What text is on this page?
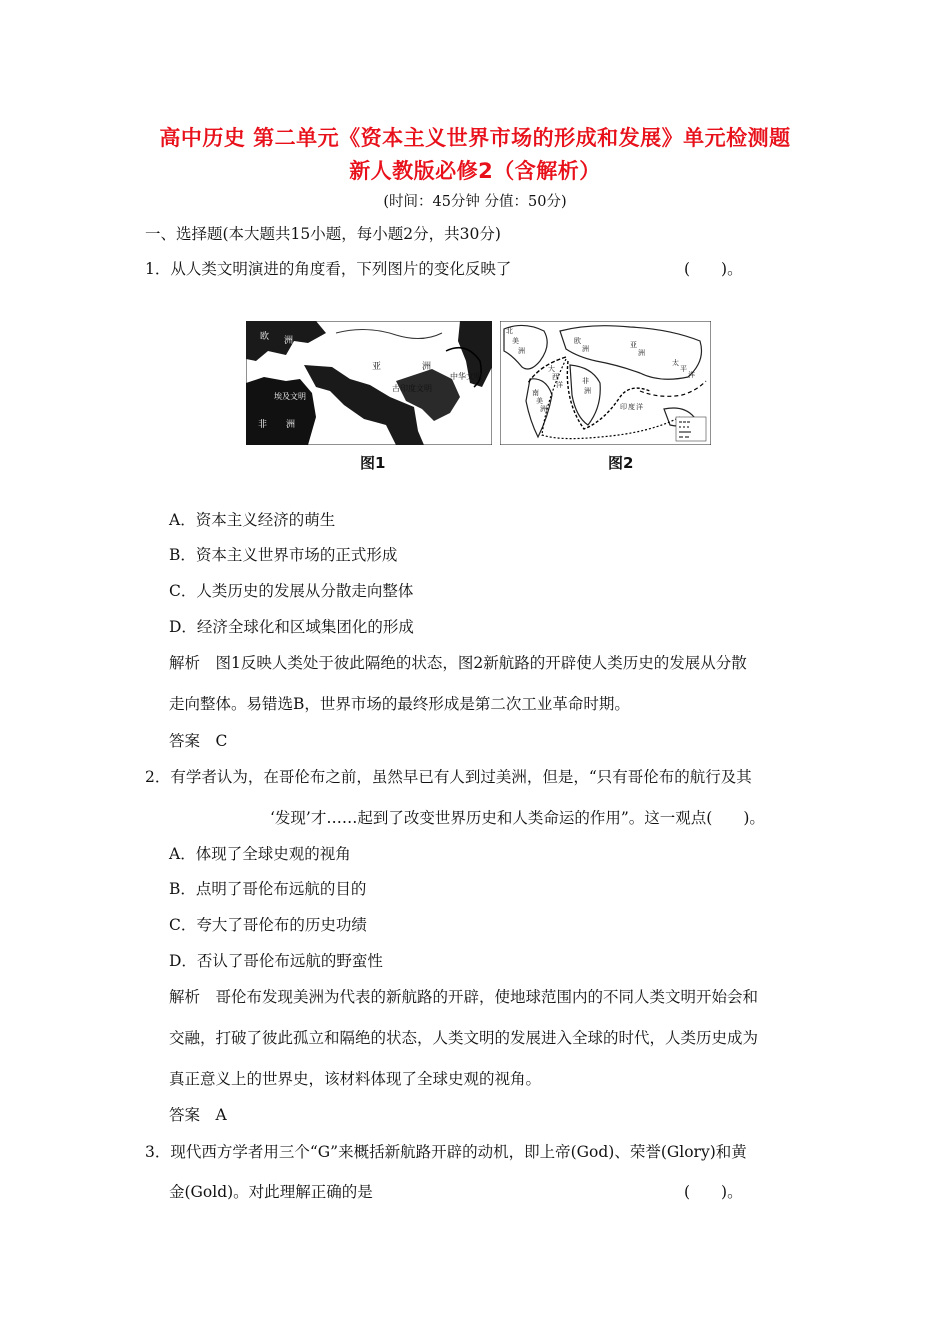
高中历史 第二单元《资本主义世界市场的形成和发展》单元检测题
新人教版必修2（含解析）
(时间：45分钟 分值：50分)
一、选择题(本大题共15小题，每小题2分，共30分)
1．从人类文明演进的角度看，下列图片的变化反映了	(　　)。
欧 洲
亚	洲
古印度文明
中华文明
埃及文明
非 洲
图1
北
美
洲
欧
洲	亚
洲
太
平
洋
大
西
洋	非
洲
南
美
洲	印 度 洋
图2
A．资本主义经济的萌生
B．资本主义世界市场的正式形成
C．人类历史的发展从分散走向整体
D．经济全球化和区域集团化的形成
解析　图1反映人类处于彼此隔绝的状态，图2新航路的开辟使人类历史的发展从分散
走向整体。易错选B，世界市场的最终形成是第二次工业革命时期。
答案　C
2．有学者认为，在哥伦布之前，虽然早已有人到过美洲，但是，“只有哥伦布的航行及其
‘发现’才……起到了改变世界历史和人类命运的作用”。这一观点(　　)。
A．体现了全球史观的视角
B．点明了哥伦布远航的目的
C．夸大了哥伦布的历史功绩
D．否认了哥伦布远航的野蛮性
解析　哥伦布发现美洲为代表的新航路的开辟，使地球范围内的不同人类文明开始会和
交融，打破了彼此孤立和隔绝的状态，人类文明的发展进入全球的时代，人类历史成为
真正意义上的世界史，该材料体现了全球史观的视角。
答案　A
3．现代西方学者用三个“G”来概括新航路开辟的动机，即上帝(God)、荣誉(Glory)和黄
金(Gold)。对此理解正确的是	(　　)。
